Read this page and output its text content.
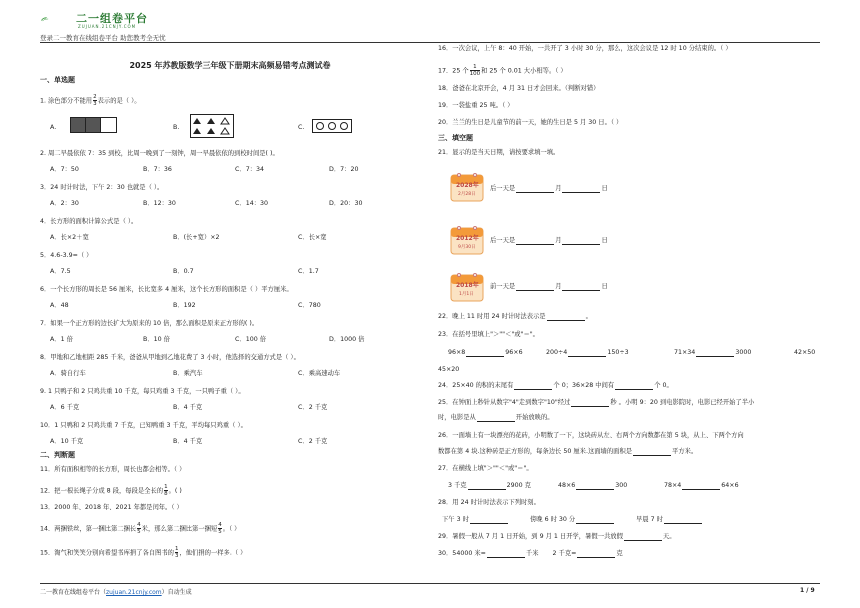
二一组卷平台
ZUJUAN.21CNJY.COM
登录二一教育在线组卷平台 助您教考全无忧
2025 年苏教版数学三年级下册期末高频易错考点测试卷
一、单选题
1. 涂色部分不能用 $\frac{2}{3}$ 表示的是（ ）。
A.	B.	C.
2. 周二早晨依依 7：35 到校，比周一晚到了一刻钟，周一早晨依依的到校时间是( )。
A．7：50	B．7：36	C．7：34	D．7：20
3．24 时计时法，下午 2：30 也就是（ ）。
A．2：30	B．12：30	C．14：30	D．20：30
4．长方形的面积计算公式是（ ）。
A．长×2＋宽	B．(长+宽）×2	C．长×宽
5．4.6-3.9=（ ）
A．7.5	B．0.7	C．1.7
6．一个长方形的周长是 56 厘米，长比宽多 4 厘米，这个长方形的面积是（ ）平方厘米。
A．48	B．192	C．780
7．如果一个正方形的边长扩大为原来的 10 倍，那么面积是原来正方形的( )。
A．1 倍	B．10 倍	C．100 倍	D．1000 倍
8．甲地和乙地相距 285 千米，爸爸从甲地到乙地花费了 3 小时，他选择的交通方式是（ ）。
A．骑自行车	B．乘汽车	C．乘高速动车
9. 1 只鸭子和 2 只鸡共重 10 千克，每只鸡重 3 千克，一只鸭子重（ ）。
A．6 千克	B．4 千克	C．2 千克
10．1 只鸭和 2 只鸡共重 7 千克，已知鸭重 3 千克，平均每只鸡重（ ）。
A．10 千克	B．4 千克	C．2 千克
二、判断题
11．所有面积相等的长方形，周长也都会相等。（ ）
12．把一根长绳子分成 8 段，每段是全长的 $\frac{1}{8}$ 。( )
13．2000 年、2018 年、2021 年都是闰年。（ ）
14．两捆铁丝，第一捆比第二捆长 $\frac{4}{5}$ 米，那么第二捆比第一捆短 $\frac{4}{5}$ 。（ ）
15．淘气和笑笑分别向希望书库捐了各自图书的 $\frac{1}{3}$ ，他们捐的一样多.（ ）
16．一次会议，上午 8：40 开始，一共开了 3 小时 30 分，那么，这次会议是 12 时 10 分结束的。（ ）
17．25 个 $\frac{1}{100}$ 和 25 个 0.01 大小相等。（ ）
18．爸爸在北京开会，4 月 31 日才会回来。（判断对错）
19．一袋盐重 25 吨。（ ）
20．兰兰的生日是儿童节的前一天，她的生日是 5 月 30 日。（ ）
三、填空题
21．显示的是当天日期，请按要求填一填。
2028年
2月28日
后一天是	月	日
2012年
9月30日
后一天是	月	日
2018年
1月1日
前一天是	月	日
22．晚上 11 时用 24 时计时法表示是	。
23．在括号里填上"＞""＜"或"＝"。
96×8	96×6	200÷4	150÷3	71×34	3000	42×50
45×20
24．25×40 的积的末尾有	个 0；36×28 中间有	个 0。
25．在钟面上秒针从数字"4"走到数字"10"经过	秒 。小明 9：20 到电影院时，电影已经开始了半小
时，电影是从	开始放映的。
26．一面墙上有一块漂亮的花砖，小明数了一下，这块砖从左、右两个方向数都在第 5 块，从上、下两个方向
数都在第 4 块.这种砖是正方形的，每条边长 50 厘米.这面墙的面积是	平方米。
27．在横线上填"＞""＜"或"＝"。
3 千克	2900 克	48×6	300	78×4	64×6
28．用 24 时计时法表示下列时刻。
下午 3 时	傍晚 6 时 30 分	早晨 7 时
29．暑假一般从 7 月 1 日开始，到 9 月 1 日开学，暑假一共放假	天。
30．54000 米=	千米 2 千克=	克
二一教育在线组卷平台（zujuan.21cnjy.com）自动生成	1 / 9
